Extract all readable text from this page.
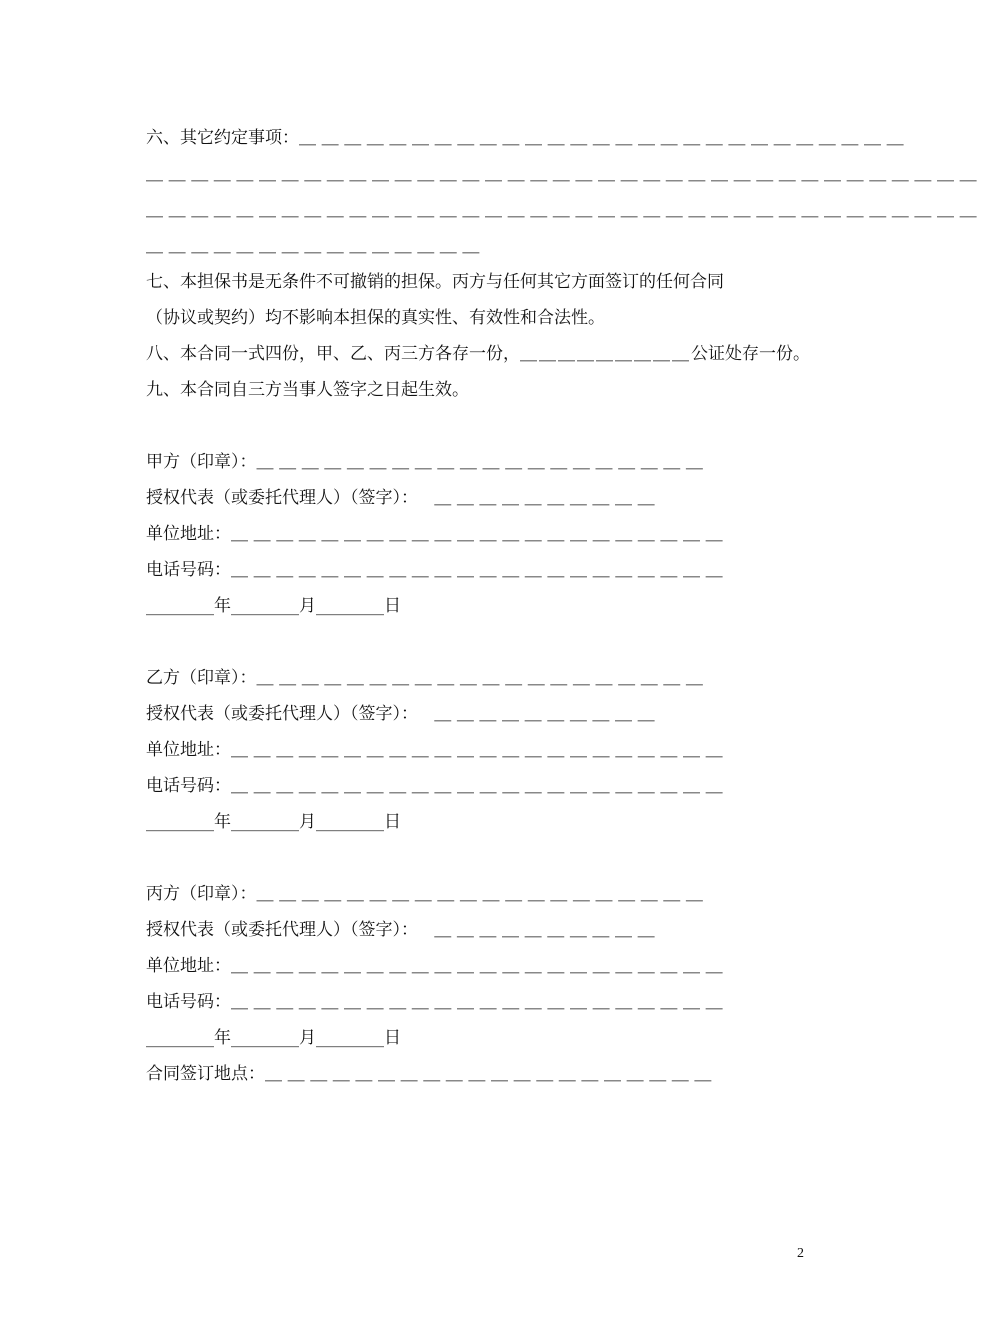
六、其它约定事项：＿＿＿＿＿＿＿＿＿＿＿＿＿＿＿＿＿＿＿＿＿＿＿＿＿＿＿
＿＿＿＿＿＿＿＿＿＿＿＿＿＿＿＿＿＿＿＿＿＿＿＿＿＿＿＿＿＿＿＿＿＿＿＿＿
＿＿＿＿＿＿＿＿＿＿＿＿＿＿＿＿＿＿＿＿＿＿＿＿＿＿＿＿＿＿＿＿＿＿＿＿＿
＿＿＿＿＿＿＿＿＿＿＿＿＿＿＿
七、本担保书是无条件不可撤销的担保。丙方与任何其它方面签订的任何合同
（协议或契约）均不影响本担保的真实性、有效性和合法性。
八、本合同一式四份，甲、乙、丙三方各存一份，＿＿＿＿＿＿＿＿＿公证处存一份。
九、本合同自三方当事人签字之日起生效。
甲方（印章）：＿＿＿＿＿＿＿＿＿＿＿＿＿＿＿＿＿＿＿＿
授权代表（或委托代理人）（签字）： ＿＿＿＿＿＿＿＿＿＿
单位地址：＿＿＿＿＿＿＿＿＿＿＿＿＿＿＿＿＿＿＿＿＿＿
电话号码：＿＿＿＿＿＿＿＿＿＿＿＿＿＿＿＿＿＿＿＿＿＿
________年________月________日
乙方（印章）：＿＿＿＿＿＿＿＿＿＿＿＿＿＿＿＿＿＿＿＿
授权代表（或委托代理人）（签字）： ＿＿＿＿＿＿＿＿＿＿
单位地址：＿＿＿＿＿＿＿＿＿＿＿＿＿＿＿＿＿＿＿＿＿＿
电话号码：＿＿＿＿＿＿＿＿＿＿＿＿＿＿＿＿＿＿＿＿＿＿
________年________月________日
丙方（印章）：＿＿＿＿＿＿＿＿＿＿＿＿＿＿＿＿＿＿＿＿
授权代表（或委托代理人）（签字）： ＿＿＿＿＿＿＿＿＿＿
单位地址：＿＿＿＿＿＿＿＿＿＿＿＿＿＿＿＿＿＿＿＿＿＿
电话号码：＿＿＿＿＿＿＿＿＿＿＿＿＿＿＿＿＿＿＿＿＿＿
________年________月________日
合同签订地点：＿＿＿＿＿＿＿＿＿＿＿＿＿＿＿＿＿＿＿＿
2
